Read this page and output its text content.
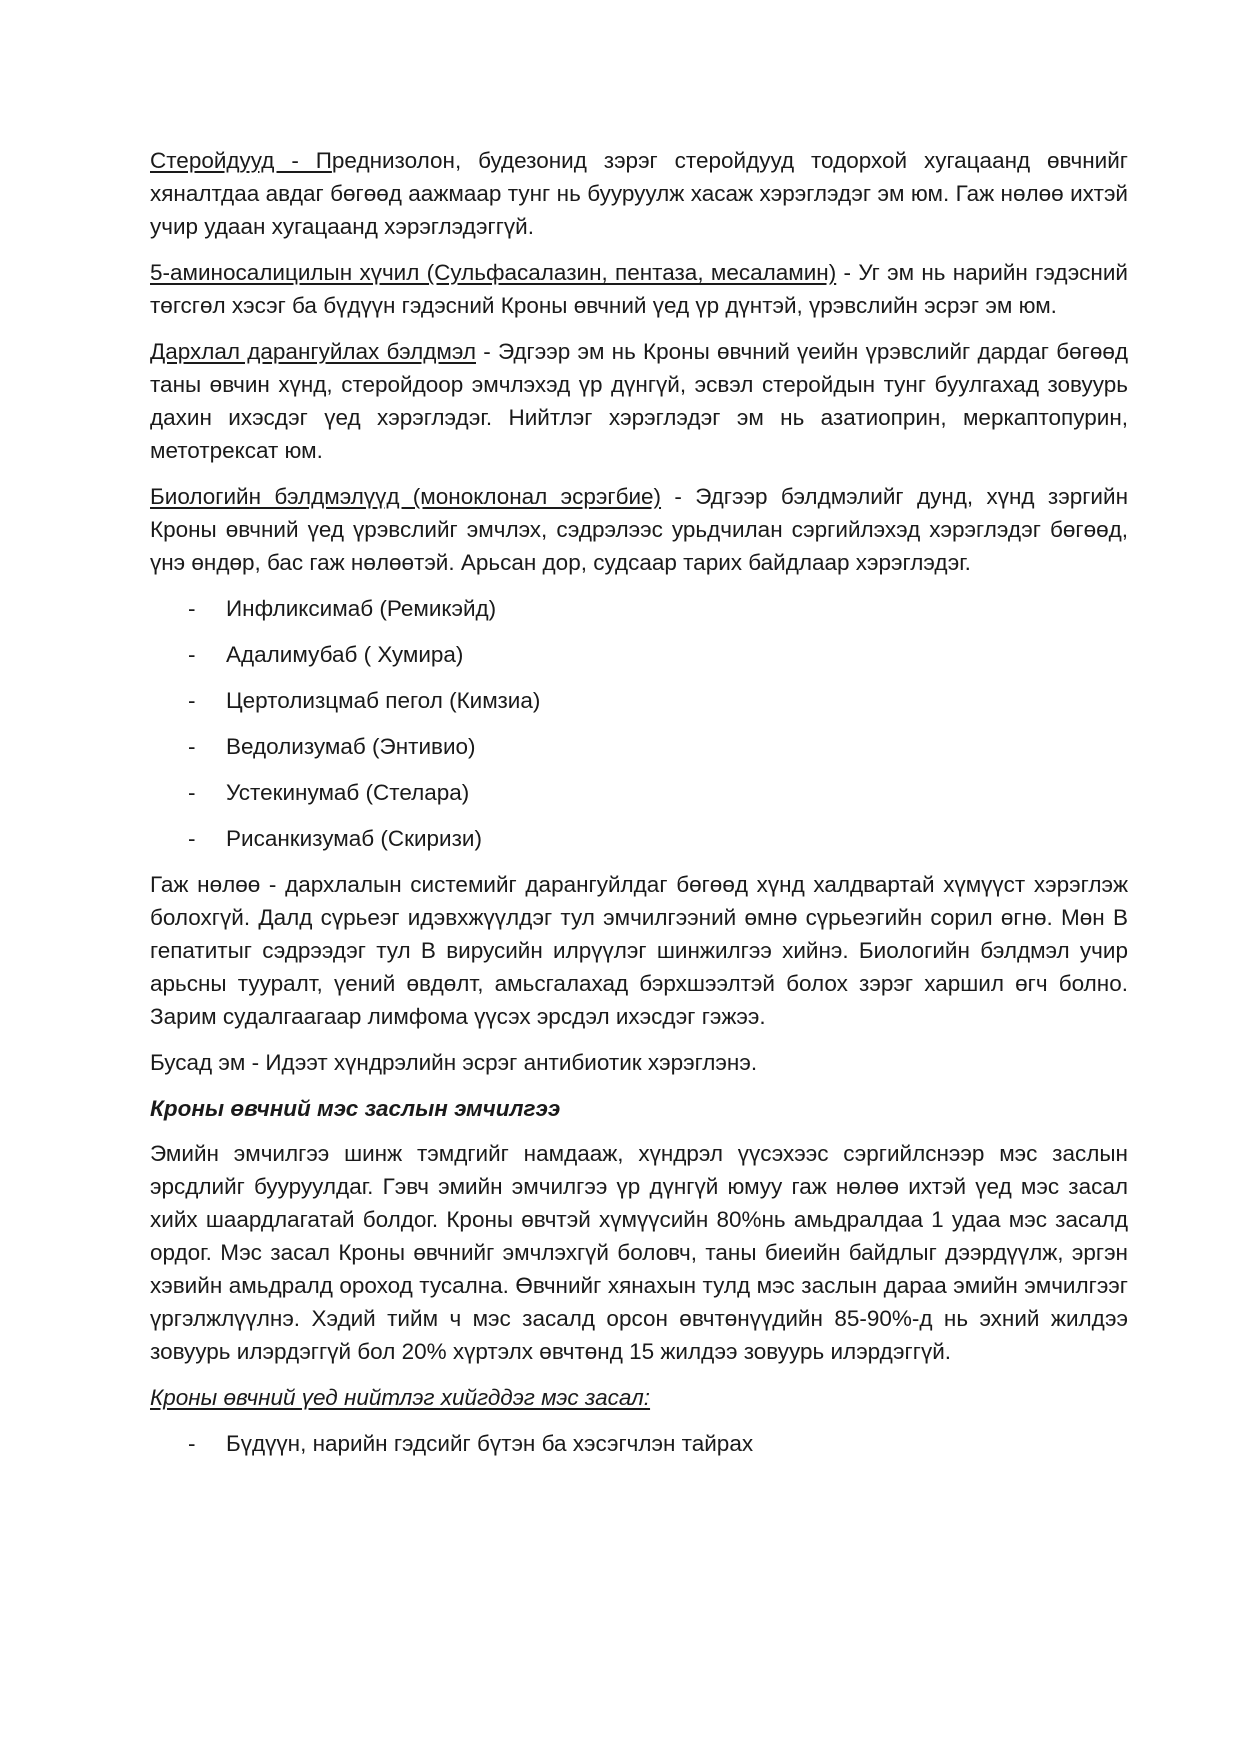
Стеройдууд - Преднизолон, будезонид зэрэг стеройдууд тодорхой хугацаанд өвчнийг хяналтдаа авдаг бөгөөд аажмаар тунг нь бууруулж хасаж хэрэглэдэг эм юм. Гаж нөлөө ихтэй учир удаан хугацаанд хэрэглэдэггүй.

5-аминосалицилын хүчил (Сульфасалазин, пентаза, месаламин) - Уг эм нь нарийн гэдэсний төгсгөл хэсэг ба бүдүүн гэдэсний Кроны өвчний үед үр дүнтэй, үрэвслийн эсрэг эм юм.

Дархлал дарангуйлах бэлдмэл - Эдгээр эм нь Кроны өвчний үеийн үрэвслийг дардаг бөгөөд таны өвчин хүнд, стеройдоор эмчлэхэд үр дүнгүй, эсвэл стеройдын тунг буулгахад зовуурь дахин ихэсдэг үед хэрэглэдэг. Нийтлэг хэрэглэдэг эм нь азатиоприн, меркаптопурин, метотрексат юм.

Биологийн бэлдмэлүүд (моноклонал эсрэгбие) - Эдгээр бэлдмэлийг дунд, хүнд зэргийн Кроны өвчний үед үрэвслийг эмчлэх, сэдрэлээс урьдчилан сэргийлэхэд хэрэглэдэг бөгөөд, үнэ өндөр, бас гаж нөлөөтэй. Арьсан дор, судсаар тарих байдлаар хэрэглэдэг.

- Инфликсимаб (Ремикэйд)
- Адалимубаб ( Хумира)
- Цертолизцмаб пегол (Кимзиа)
- Ведолизумаб (Энтивио)
- Устекинумаб (Стелара)
- Рисанкизумаб (Скиризи)

Гаж нөлөө - дархлалын системийг дарангуйлдаг бөгөөд хүнд халдвартай хүмүүст хэрэглэж болохгүй. Далд сүрьеэг идэвхжүүлдэг тул эмчилгээний өмнө сүрьеэгийн сорил өгнө. Мөн В гепатитыг сэдрээдэг тул В вирусийн илрүүлэг шинжилгээ хийнэ. Биологийн бэлдмэл учир арьсны тууралт, үений өвдөлт, амьсгалахад бэрхшээлтэй болох зэрэг харшил өгч болно. Зарим судалгаагаар лимфома үүсэх эрсдэл ихэсдэг гэжээ.

Бусад эм - Идээт хүндрэлийн эсрэг антибиотик хэрэглэнэ.

Кроны өвчний мэс заслын эмчилгээ

Эмийн эмчилгээ шинж тэмдгийг намдааж, хүндрэл үүсэхээс сэргийлснээр мэс заслын эрсдлийг бууруулдаг. Гэвч эмийн эмчилгээ үр дүнгүй юмуу гаж нөлөө ихтэй үед мэс засал хийх шаардлагатай болдог. Кроны өвчтэй хүмүүсийн 80%нь амьдралдаа 1 удаа мэс засалд ордог. Мэс засал Кроны өвчнийг эмчлэхгүй боловч, таны биеийн байдлыг дээрдүүлж, эргэн хэвийн амьдралд ороход тусална. Өвчнийг хянахын тулд мэс заслын дараа эмийн эмчилгээг үргэлжлүүлнэ. Хэдий тийм ч мэс засалд орсон өвчтөнүүдийн 85-90%-д нь эхний жилдээ зовуурь илэрдэггүй бол 20% хүртэлх өвчтөнд 15 жилдээ зовуурь илэрдэггүй.

Кроны өвчний үед нийтлэг хийгддэг мэс засал:

- Бүдүүн, нарийн гэдсийг бүтэн ба хэсэгчлэн тайрах
